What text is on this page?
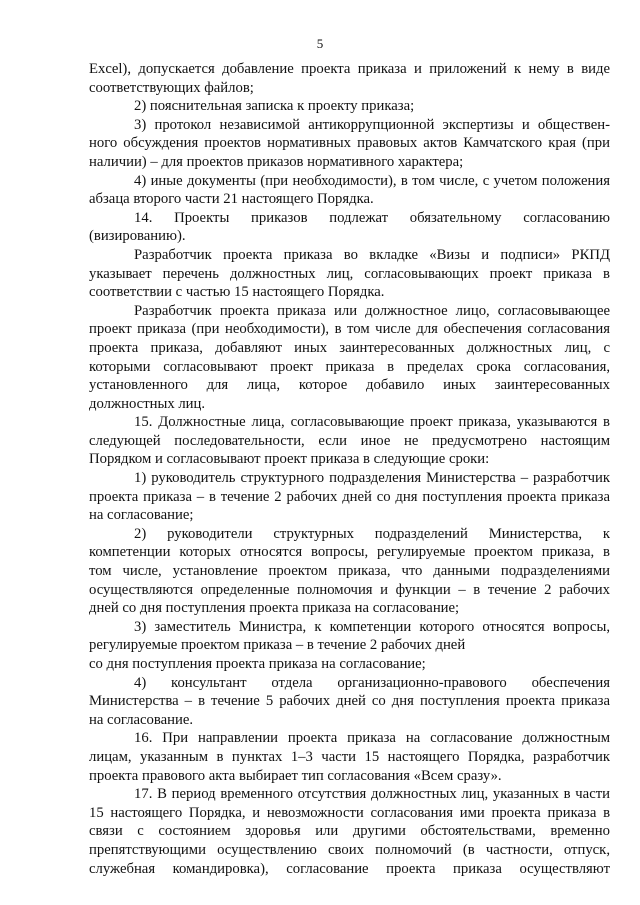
5
Excel), допускается добавление проекта приказа и приложений к нему в виде
соответствующих файлов;
2) пояснительная записка к проекту приказа;
3) протокол независимой антикоррупционной экспертизы и обществен-
ного обсуждения проектов нормативных правовых актов Камчатского края (при
наличии) – для проектов приказов нормативного характера;
4) иные документы (при необходимости), в том числе, с учетом положения
абзаца второго части 21 настоящего Порядка.
14. Проекты приказов подлежат обязательному согласованию
(визированию).
Разработчик проекта приказа во вкладке «Визы и подписи» РКПД
указывает перечень должностных лиц, согласовывающих проект приказа в
соответствии с частью 15 настоящего Порядка.
Разработчик проекта приказа или должностное лицо, согласовывающее
проект приказа (при необходимости), в том числе для обеспечения согласования
проекта приказа, добавляют иных заинтересованных должностных лиц, с
которыми согласовывают проект приказа в пределах срока согласования,
установленного для лица, которое добавило иных заинтересованных
должностных лиц.
15. Должностные лица, согласовывающие проект приказа, указываются в
следующей последовательности, если иное не предусмотрено настоящим
Порядком и согласовывают проект приказа в следующие сроки:
1) руководитель структурного подразделения Министерства – разработчик
проекта приказа – в течение 2 рабочих дней со дня поступления проекта приказа
на согласование;
2) руководители структурных подразделений Министерства, к
компетенции которых относятся вопросы, регулируемые проектом приказа, в
том числе, установление проектом приказа, что данными подразделениями
осуществляются определенные полномочия и функции – в течение 2 рабочих
дней со дня поступления проекта приказа на согласование;
3) заместитель Министра, к компетенции которого относятся вопросы,
регулируемые проектом приказа – в течение 2 рабочих дней
со дня поступления проекта приказа на согласование;
4) консультант отдела организационно-правового обеспечения
Министерства – в течение 5 рабочих дней со дня поступления проекта приказа
на согласование.
16. При направлении проекта приказа на согласование должностным
лицам, указанным в пунктах 1–3 части 15 настоящего Порядка, разработчик
проекта правового акта выбирает тип согласования «Всем сразу».
17. В период временного отсутствия должностных лиц, указанных в части
15 настоящего Порядка, и невозможности согласования ими проекта приказа в
связи с состоянием здоровья или другими обстоятельствами, временно
препятствующими осуществлению своих полномочий (в частности, отпуск,
служебная командировка), согласование проекта приказа осуществляют
